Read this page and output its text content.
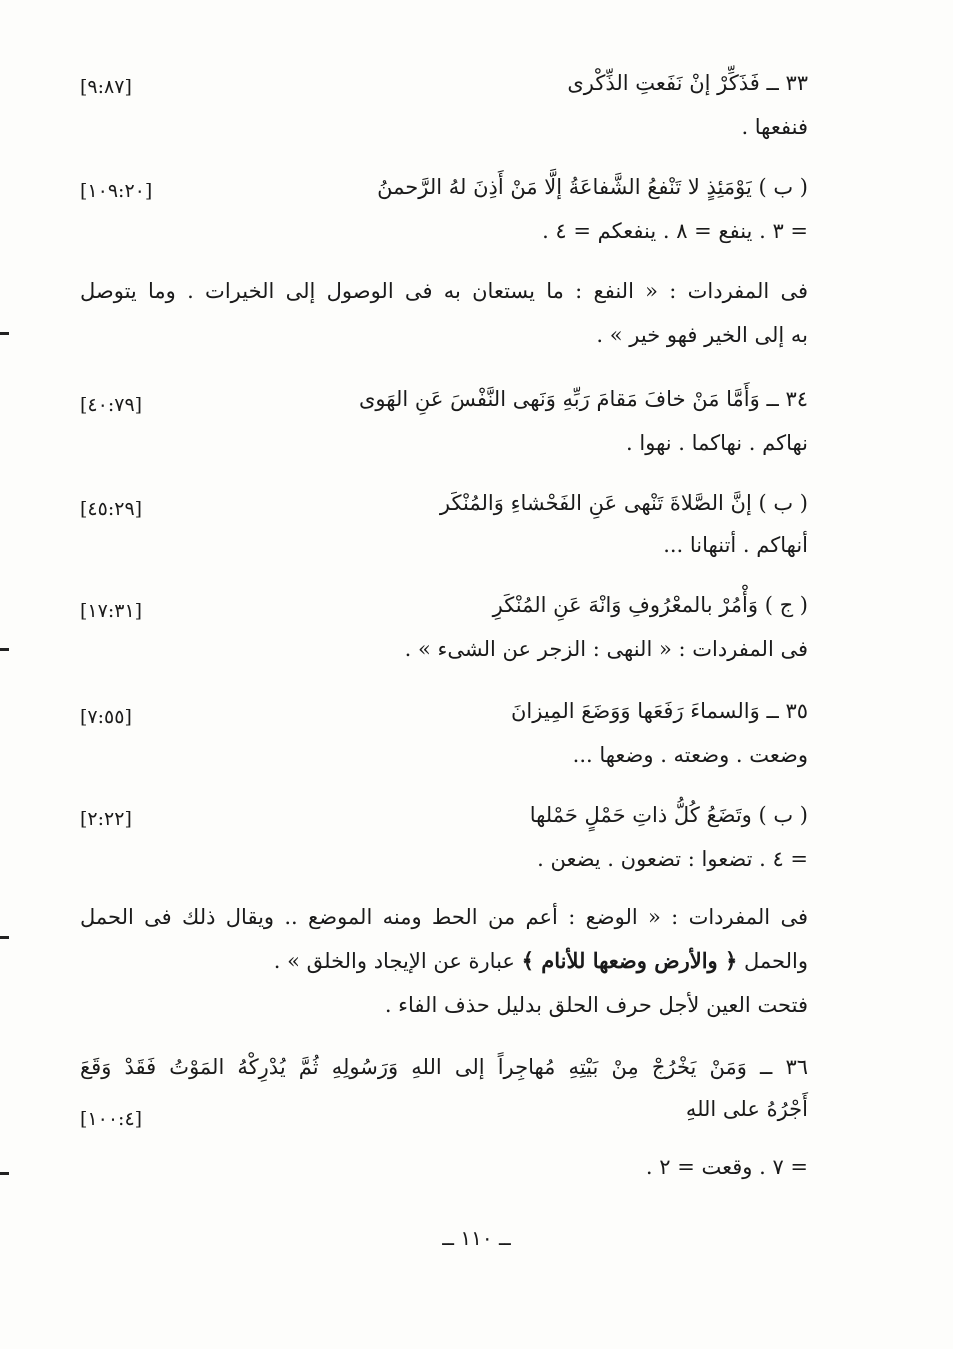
٣٣ ــ فَذَكِّرْ إنْ نَفَعتِ الذِّكْرى
[٩:٨٧]
فنفعها .
( ب ) يَوْمَئِذٍ لا تَنْفعُ الشَّفاعَةُ إلَّا مَنْ أَذِنَ لهُ الرَّحمنُ
[١٠٩:٢٠]
= ٣ . ينفع = ٨ . ينفعكم = ٤ .
فى المفردات : « النفع : ما يستعان به فى الوصول إلى الخيرات . وما يتوصل
به إلى الخير فهو خير » .
٣٤ ــ وَأَمَّا مَنْ خافَ مَقامَ رَبِّهِ وَنَهى النَّفْسَ عَنِ الهَوى
[٤٠:٧٩]
نهاكم . نهاكما . نهوا .
( ب ) إنَّ الصَّلاةَ تَنْهى عَنِ الفَحْشاءِ وَالمُنْكَر
[٤٥:٢٩]
أنهاكم . أتنهانا ...
( ج ) وَأْمُرْ بالمعْرُوفِ وَانْهَ عَنِ المُنْكَرِ
[١٧:٣١]
فى المفردات : « النهى : الزجر عن الشىء » .
٣٥ ــ وَالسماءَ رَفَعَها وَوَضَعَ المِيزانَ
[٧:٥٥]
وضعت . وضعته . وضعها ...
( ب ) وتَضَعُ كُلُّ ذاتِ حَمْلٍ حَمْلها
[٢:٢٢]
= ٤ . تضعوا : تضعون . يضعن .
فى المفردات : « الوضع : أعم من الحط ومنه الموضع .. ويقال ذلك فى الحمل
والحمل ﴿ والأرض وضعها للأنام ﴾ عبارة عن الإيجاد والخلق » .
فتحت العين لأجل حرف الحلق بدليل حذف الفاء .
٣٦ ــ وَمَنْ يَخْرُجْ مِنْ بَيْتِهِ مُهاجِراً إلى اللهِ وَرَسُولِهِ ثُمَّ يُدْرِكْهُ المَوْتُ فَقَدْ وَقَعَ
أَجْرُهُ على اللهِ
[١٠٠:٤]
= ٧ . وقعت = ٢ .
ــ ١١٠ ــ
